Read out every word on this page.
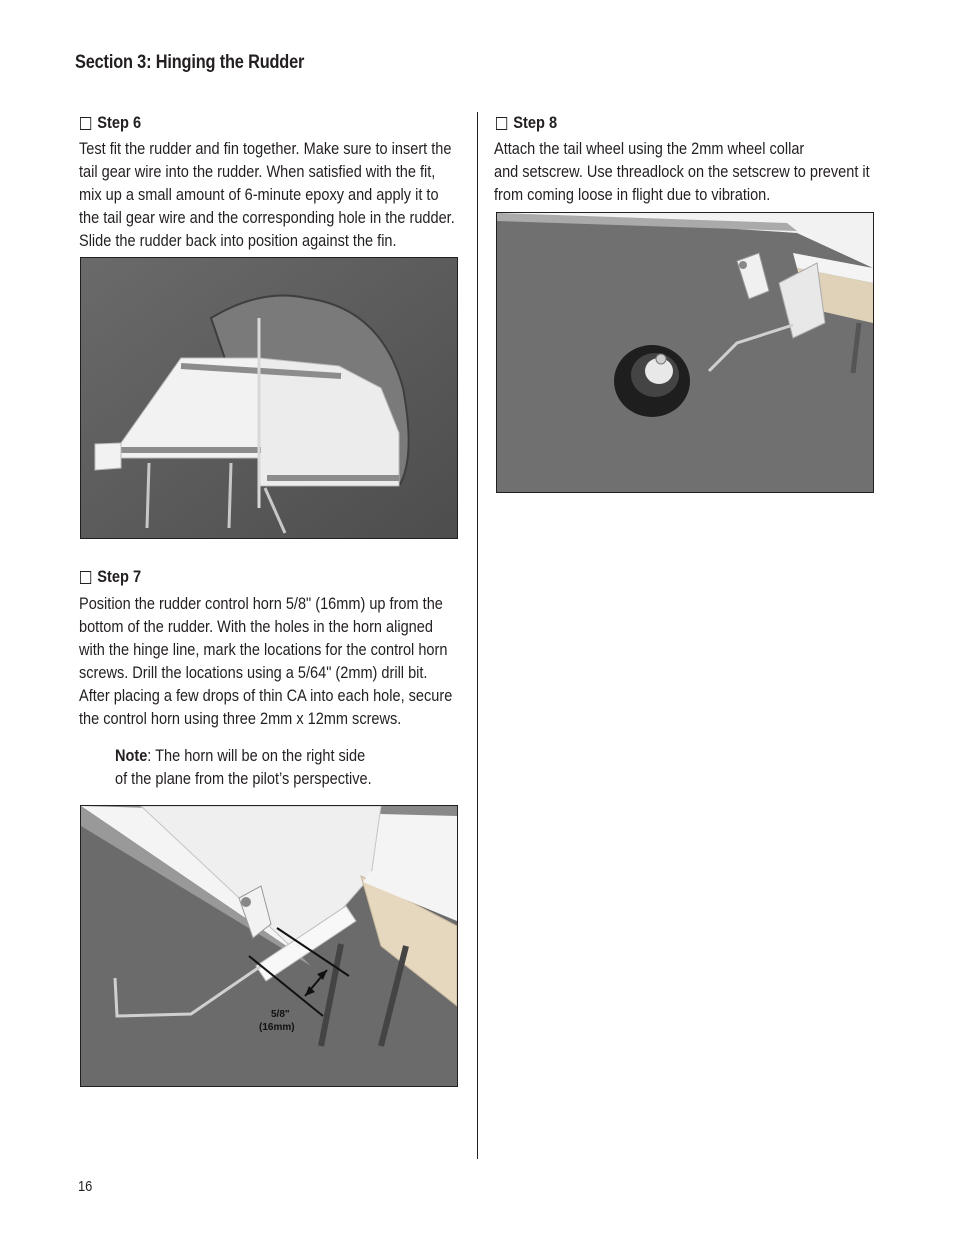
Section 3: Hinging the Rudder
Step 6

Test fit the rudder and fin together. Make sure to insert the

tail gear wire into the rudder. When satisfied with the fit,

mix up a small amount of 6-minute epoxy and apply it to

the tail gear wire and the corresponding hole in the rudder.

Slide the rudder back into position against the fin.

Step 7

Position the rudder control horn 5/8" (16mm) up from the

bottom of the rudder. With the holes in the horn aligned

with the hinge line, mark the locations for the control horn

screws. Drill the locations using a 5/64" (2mm) drill bit.

After placing a few drops of thin CA into each hole, secure

the control horn using three 2mm x 12mm screws.

Note: The horn will be on the right side

of the plane from the pilot’s perspective.

5/8"
(16mm)
Step 8

Attach the tail wheel using the 2mm wheel collar

and setscrew. Use threadlock on the setscrew to prevent it

from coming loose in flight due to vibration.

16
